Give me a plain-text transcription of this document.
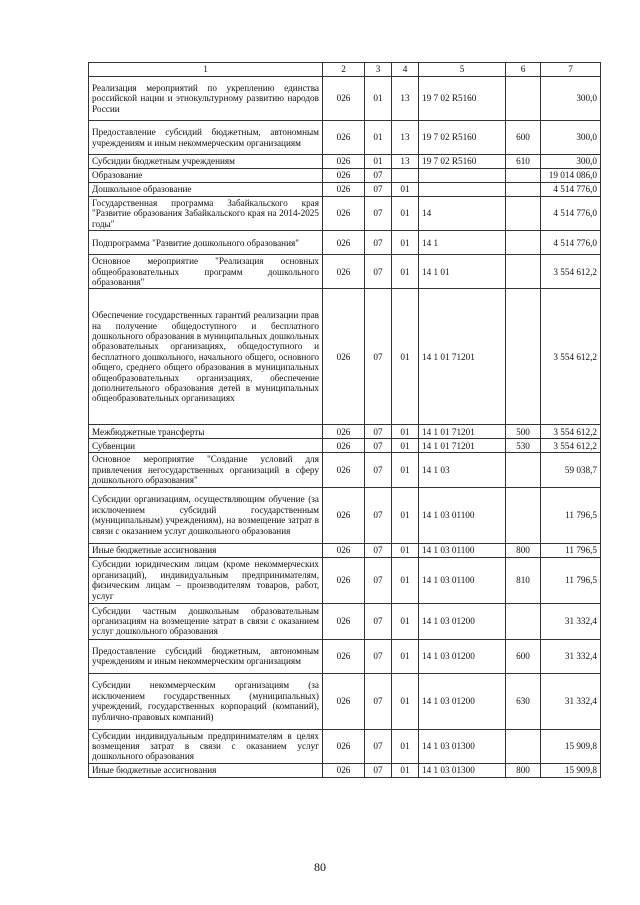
1	2	3	4	5	6	7
Реализация мероприятий по укреплению единства российской нации и этнокультурному развитию народов России	026	01	13	19 7 02 R5160		300,0
Предоставление субсидий бюджетным, автономным учреждениям и иным некоммерческим организациям	026	01	13	19 7 02 R5160	600	300,0
Субсидии бюджетным учреждениям	026	01	13	19 7 02 R5160	610	300,0
Образование	026	07				19 014 086,0
Дошкольное образование	026	07	01			4 514 776,0
Государственная программа Забайкальского края "Развитие образования Забайкальского края на 2014-2025 годы"	026	07	01	14		4 514 776,0
Подпрограмма "Развитие дошкольного образования"	026	07	01	14 1		4 514 776,0
Основное мероприятие "Реализация основных общеобразовательных программ дошкольного образования"	026	07	01	14 1 01		3 554 612,2
Обеспечение государственных гарантий реализации прав на получение общедоступного и бесплатного дошкольного образования в муниципальных дошкольных образовательных организациях, общедоступного и бесплатного дошкольного, начального общего, основного общего, среднего общего образования в муниципальных общеобразовательных организациях, обеспечение дополнительного образования детей в муниципальных общеобразовательных организациях	026	07	01	14 1 01 71201		3 554 612,2
Межбюджетные трансферты	026	07	01	14 1 01 71201	500	3 554 612,2
Субвенции	026	07	01	14 1 01 71201	530	3 554 612,2
Основное мероприятие "Создание условий для привлечения негосударственных организаций в сферу дошкольного образования"	026	07	01	14 1 03		59 038,7
Субсидии организациям, осуществляющим обучение (за исключением субсидий государственным (муниципальным) учреждениям), на возмещение затрат в связи с оказанием услуг дошкольного образования	026	07	01	14 1 03 01100		11 796,5
Иные бюджетные ассигнования	026	07	01	14 1 03 01100	800	11 796,5
Субсидии юридическим лицам (кроме некоммерческих организаций), индивидуальным предпринимателям, физическим лицам – производителям товаров, работ, услуг	026	07	01	14 1 03 01100	810	11 796,5
Субсидии частным дошкольным образовательным организациям на возмещение затрат в связи с оказанием услуг дошкольного образования	026	07	01	14 1 03 01200		31 332,4
Предоставление субсидий бюджетным, автономным учреждениям и иным некоммерческим организациям	026	07	01	14 1 03 01200	600	31 332,4
Субсидии некоммерческим организациям (за исключением государственных (муниципальных) учреждений, государственных корпораций (компаний), публично-правовых компаний)	026	07	01	14 1 03 01200	630	31 332,4
Субсидии индивидуальным предпринимателям в целях возмещения затрат в связи с оказанием услуг дошкольного образования	026	07	01	14 1 03 01300		15 909,8
Иные бюджетные ассигнования	026	07	01	14 1 03 01300	800	15 909,8
80
